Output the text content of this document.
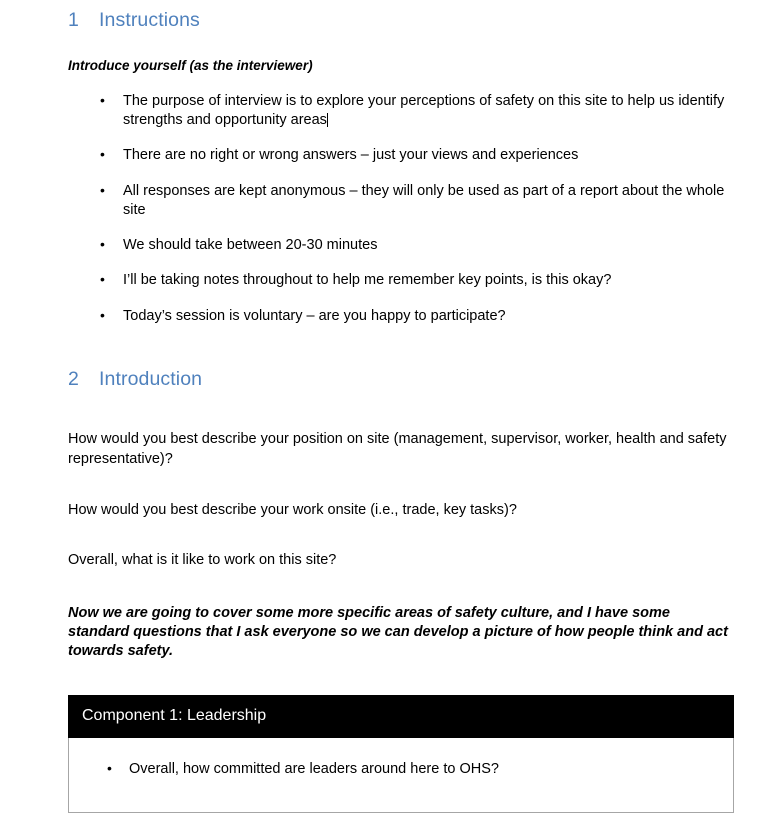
1	Instructions

Introduce yourself (as the interviewer)

• The purpose of interview is to explore your perceptions of safety on this site to help us identify strengths and opportunity areas
• There are no right or wrong answers – just your views and experiences
• All responses are kept anonymous – they will only be used as part of a report about the whole site
• We should take between 20-30 minutes
• I’ll be taking notes throughout to help me remember key points, is this okay?
• Today’s session is voluntary – are you happy to participate?
2	Introduction

How would you best describe your position on site (management, supervisor, worker, health and safety representative)?

How would you best describe your work onsite (i.e., trade, key tasks)?

Overall, what is it like to work on this site?

Now we are going to cover some more specific areas of safety culture, and I have some standard questions that I ask everyone so we can develop a picture of how people think and act towards safety.

Component 1: Leadership

• Overall, how committed are leaders around here to OHS?
